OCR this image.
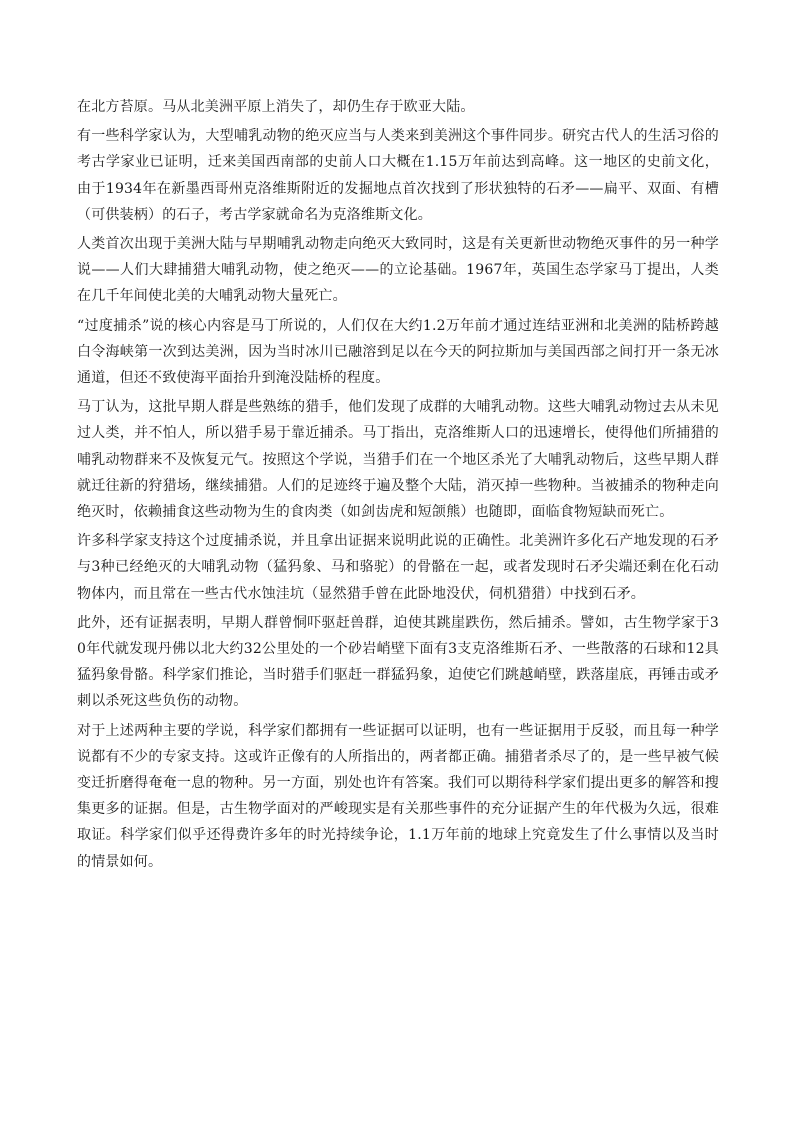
在北方苔原。马从北美洲平原上消失了，却仍生存于欧亚大陆。

有一些科学家认为，大型哺乳动物的绝灭应当与人类来到美洲这个事件同步。研究古代人的生活习俗的考古学家业已证明，迁来美国西南部的史前人口大概在1.15万年前达到高峰。这一地区的史前文化，由于1934年在新墨西哥州克洛维斯附近的发掘地点首次找到了形状独特的石矛——扁平、双面、有槽（可供装柄）的石子，考古学家就命名为克洛维斯文化。

人类首次出现于美洲大陆与早期哺乳动物走向绝灭大致同时，这是有关更新世动物绝灭事件的另一种学说——人们大肆捕猎大哺乳动物，使之绝灭——的立论基础。1967年，英国生态学家马丁提出，人类在几千年间使北美的大哺乳动物大量死亡。

“过度捕杀”说的核心内容是马丁所说的，人们仅在大约1.2万年前才通过连结亚洲和北美洲的陆桥跨越白令海峡第一次到达美洲，因为当时冰川已融溶到足以在今天的阿拉斯加与美国西部之间打开一条无冰通道，但还不致使海平面抬升到淹没陆桥的程度。

马丁认为，这批早期人群是些熟练的猎手，他们发现了成群的大哺乳动物。这些大哺乳动物过去从未见过人类，并不怕人，所以猎手易于靠近捕杀。马丁指出，克洛维斯人口的迅速增长，使得他们所捕猎的哺乳动物群来不及恢复元气。按照这个学说，当猎手们在一个地区杀光了大哺乳动物后，这些早期人群就迁往新的狩猎场，继续捕猎。人们的足迹终于遍及整个大陆，消灭掉一些物种。当被捕杀的物种走向绝灭时，依赖捕食这些动物为生的食肉类（如剑齿虎和短颌熊）也随即，面临食物短缺而死亡。

许多科学家支持这个过度捕杀说，并且拿出证据来说明此说的正确性。北美洲许多化石产地发现的石矛与3种已经绝灭的大哺乳动物（猛犸象、马和骆驼）的骨骼在一起，或者发现时石矛尖端还剩在化石动物体内，而且常在一些古代水蚀洼坑（显然猎手曾在此卧地没伏，伺机猎猎）中找到石矛。

此外，还有证据表明，早期人群曾恫吓驱赶兽群，迫使其跳崖跌伤，然后捕杀。譬如，古生物学家于30年代就发现丹佛以北大约32公里处的一个砂岩峭壁下面有3支克洛维斯石矛、一些散落的石球和12具猛犸象骨骼。科学家们推论，当时猎手们驱赶一群猛犸象，迫使它们跳越峭壁，跌落崖底，再锤击或矛刺以杀死这些负伤的动物。

对于上述两种主要的学说，科学家们都拥有一些证据可以证明，也有一些证据用于反驳，而且每一种学说都有不少的专家支持。这或许正像有的人所指出的，两者都正确。捕猎者杀尽了的，是一些早被气候变迁折磨得奄奄一息的物种。另一方面，别处也许有答案。我们可以期待科学家们提出更多的解答和搜集更多的证据。但是，古生物学面对的严峻现实是有关那些事件的充分证据产生的年代极为久远，很难取证。科学家们似乎还得费许多年的时光持续争论，1.1万年前的地球上究竟发生了什么事情以及当时的情景如何。
